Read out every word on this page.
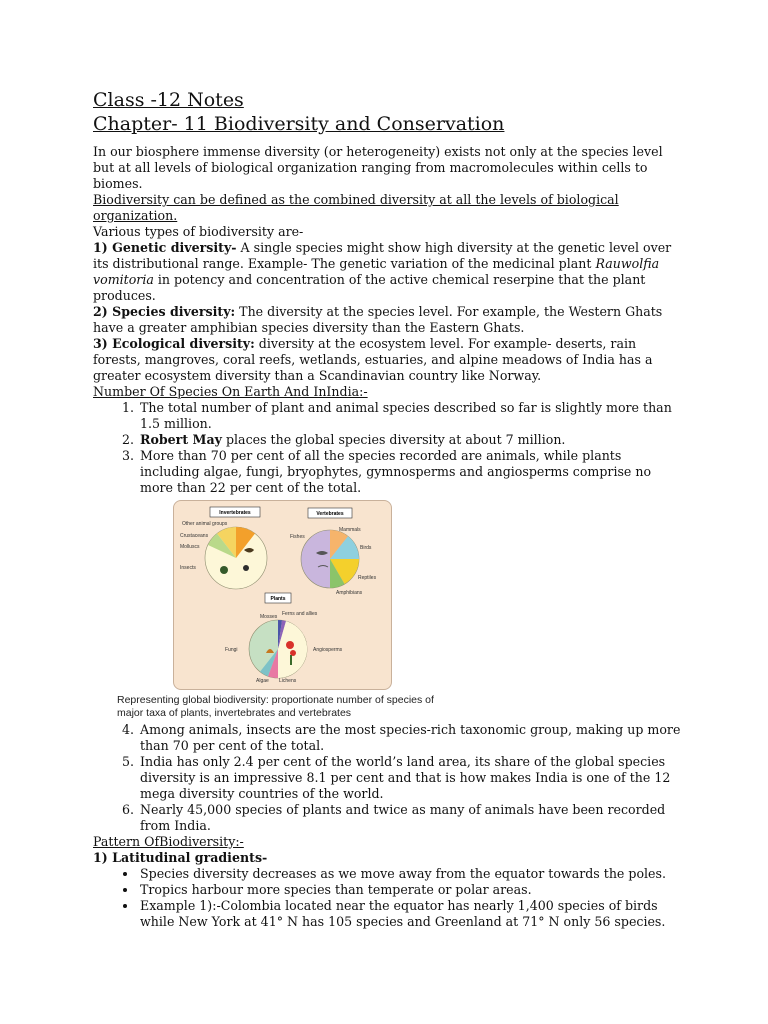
Class -12 Notes
Chapter- 11 Biodiversity and Conservation

In our biosphere immense diversity (or heterogeneity) exists not only at the species level but at all levels of biological organization ranging from macromolecules within cells to biomes.

Biodiversity can be defined as the combined diversity at all the levels of biological organization.

Various types of biodiversity are-

1) Genetic diversity- A single species might show high diversity at the genetic level over its distributional range. Example- The genetic variation of the medicinal plant Rauwolfia vomitoria in potency and concentration of the active chemical reserpine that the plant produces.

2) Species diversity: The diversity at the species level. For example, the Western Ghats have a greater amphibian species diversity than the Eastern Ghats.

3) Ecological diversity: diversity at the ecosystem level. For example- deserts, rain forests, mangroves, coral reefs, wetlands, estuaries, and alpine meadows of India has a greater ecosystem diversity than a Scandinavian country like Norway.

Number Of Species On Earth And InIndia:-

1. The total number of plant and animal species described so far is slightly more than 1.5 million.
2. Robert May places the global species diversity at about 7 million.
3. More than 70 per cent of all the species recorded are animals, while plants including algae, fungi, bryophytes, gymnosperms and angiosperms comprise no more than 22 per cent of the total.
Invertebrates
Other animal groups
Crustaceans
Molluscs
Insects
Vertebrates
Fishes
Mammals
Birds
Reptiles
Amphibians
Plants
Mosses Ferns and allies
Fungi	Angiosperms
Algae Lichens
Representing global biodiversity: proportionate number of species of major taxa of plants, invertebrates and vertebrates
4. Among animals, insects are the most species-rich taxonomic group, making up more than 70 per cent of the total.
5. India has only 2.4 per cent of the world’s land area, its share of the global species diversity is an impressive 8.1 per cent and that is how makes India is one of the 12 mega diversity countries of the world.
6. Nearly 45,000 species of plants and twice as many of animals have been recorded from India.

Pattern OfBiodiversity:-

1) Latitudinal gradients-

• Species diversity decreases as we move away from the equator towards the poles.
• Tropics harbour more species than temperate or polar areas.
• Example 1):-Colombia located near the equator has nearly 1,400 species of birds while New York at 41° N has 105 species and Greenland at 71° N only 56 species.
